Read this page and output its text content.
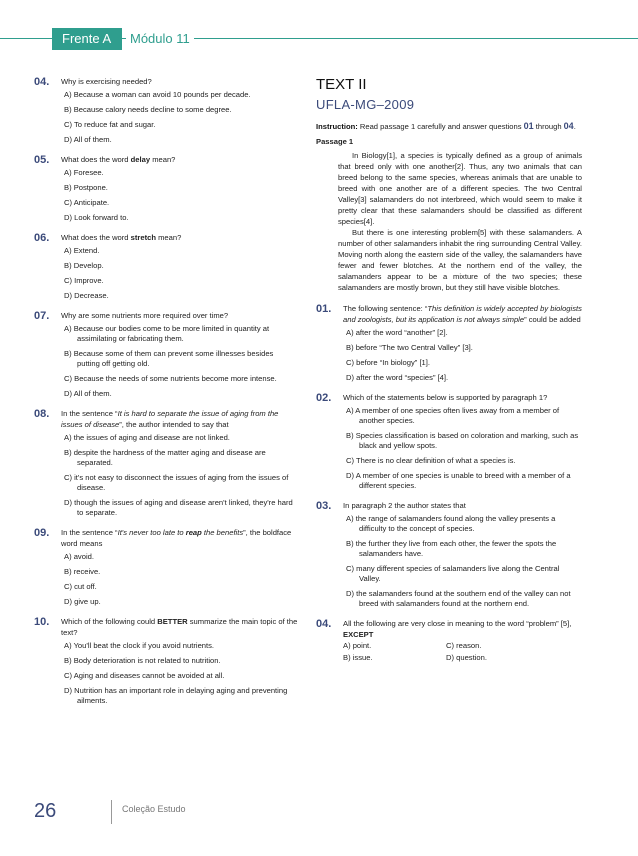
Frente A	Módulo 11
04. Why is exercising needed?
A) Because a woman can avoid 10 pounds per decade.
B) Because calory needs decline to some degree.
C) To reduce fat and sugar.
D) All of them.
05. What does the word delay mean?
A) Foresee.
B) Postpone.
C) Anticipate.
D) Look forward to.
06. What does the word stretch mean?
A) Extend.
B) Develop.
C) Improve.
D) Decrease.
07. Why are some nutrients more required over time?
A) Because our bodies come to be more limited in quantity at assimilating or fabricating them.
B) Because some of them can prevent some illnesses besides putting off getting old.
C) Because the needs of some nutrients become more intense.
D) All of them.
08. In the sentence “It is hard to separate the issue of aging from the issues of disease”, the author intended to say that
A) the issues of aging and disease are not linked.
B) despite the hardness of the matter aging and disease are separated.
C) it's not easy to disconnect the issues of aging from the issues of disease.
D) though the issues of aging and disease aren't linked, they're hard to separate.
09. In the sentence “It's never too late to reap the benefits”, the boldface word means
A) avoid.
B) receive.
C) cut off.
D) give up.
10. Which of the following could BETTER summarize the main topic of the text?
A) You'll beat the clock if you avoid nutrients.
B) Body deterioration is not related to nutrition.
C) Aging and diseases cannot be avoided at all.
D) Nutrition has an important role in delaying aging and preventing ailments.
TEXT II
UFLA-MG–2009
Instruction: Read passage 1 carefully and answer questions 01 through 04.
Passage 1

In Biology[1], a species is typically defined as a group of animals that breed only with one another[2]. Thus, any two animals that can breed belong to the same species, whereas animals that are unable to breed with one another are of a different species. The two Central Valley[3] salamanders do not interbreed, which would seem to make it pretty clear that these salamanders should be classified as different species[4].

But there is one interesting problem[5] with these salamanders. A number of other salamanders inhabit the ring surrounding Central Valley. Moving north along the eastern side of the valley, the salamanders have fewer and fewer blotches. At the northern end of the valley, the salamanders appear to be a mixture of the two species; these salamanders are mostly brown, but they still have visible blotches.

01. The following sentence: “This definition is widely accepted by biologists and zoologists, but its application is not always simple” could be added
A) after the word “another” [2].
B) before “The two Central Valley” [3].
C) before “In biology” [1].
D) after the word “species” [4].
02. Which of the statements below is supported by paragraph 1?
A) A member of one species often lives away from a member of another species.
B) Species classification is based on coloration and marking, such as black and yellow spots.
C) There is no clear definition of what a species is.
D) A member of one species is unable to breed with a member of a different species.
03. In paragraph 2 the author states that
A) the range of salamanders found along the valley presents a difficulty to the concept of species.
B) the further they live from each other, the fewer the spots the salamanders have.
C) many different species of salamanders live along the Central Valley.
D) the salamanders found at the southern end of the valley can not breed with salamanders found at the northern end.
04. All the following are very close in meaning to the word “problem” [5], EXCEPT
A) point.	C) reason.
B) issue.	D) question.
26	Coleção Estudo
